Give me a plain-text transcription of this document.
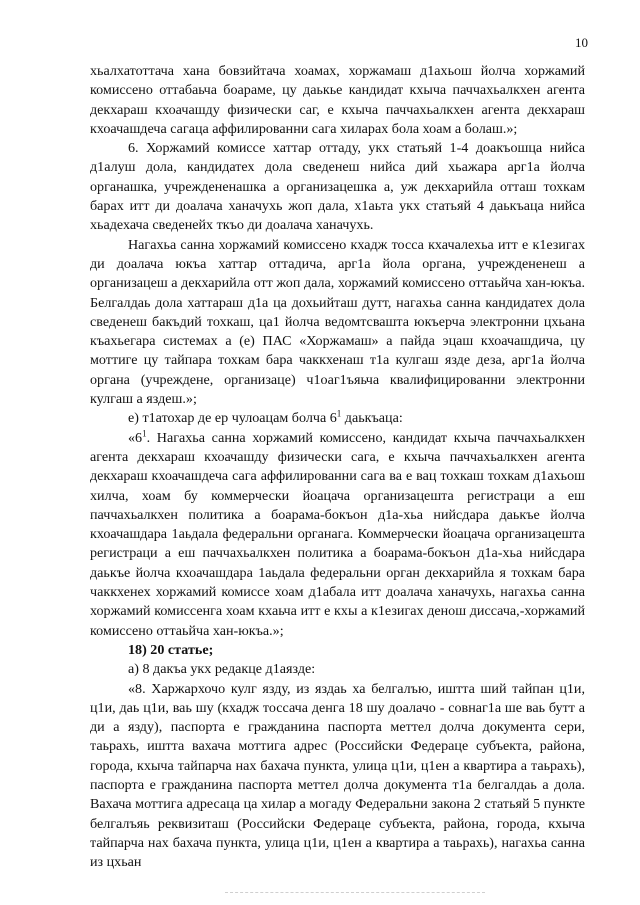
10

хьалхатоттача хана бовзийтача хоамах, хоржамаш д1ахьош йолча хоржамий комиссено оттабаьча боараме, цу даькье кандидат кхыча паччахьалкхен агента декхараш кхоачашду физически саг, е кхыча паччахьалкхен агента декхараш кхоачашдеча сагаца аффилированни сага хиларах бола хоам а болаш.»;

6. Хоржамий комиссе хаттар оттаду, укх статьяй 1-4 доакъошца нийса д1алуш дола, кандидатех дола сведенеш нийса дий хьажара арг1а йолча органашка, учреждененашка а организацешка а, уж декхарийла отташ тохкам барах итт ди доалача ханачухь жоп дала, х1аьта укх статьяй 4 даькъаца нийса хьадехача сведенейх ткъо ди доалача ханачухь.

Нагахьа санна хоржамий комиссено кхадж тосса кхачалехьа итт е к1езигах ди доалача юкъа хаттар оттадича, арг1а йола органа, учреждененеш а организацеш а декхарийла отт жоп дала, хоржамий комиссено оттаьйча хан-юкъа. Белгалдаь дола хаттараш д1а ца дохьийташ дутт, нагахьа санна кандидатех дола сведенеш бакъдий тохкаш, ца1 йолча ведомтсвашта юкъерча электронни цхьана къахьегара системах а (е) ПАС «Хоржамаш» а пайда эцаш кхоачашдича, цу моттиге цу тайпара тохкам бара чаккхенаш т1а кулгаш язде деза, арг1а йолча органа (учреждене, организаце) ч1оаг1ъяьча квалифицированни электронни кулгаш а яздеш.»;

е) т1атохар де ер чулоацам болча $6^1$ даькъаца:

«$6^1$. Нагахьа санна хоржамий комиссено, кандидат кхыча паччахьалкхен агента декхараш кхоачашду физически сага, е кхыча паччахьалкхен агента декхараш кхоачашдеча сага аффилированни сага ва е вац тохкаш тохкам д1ахьош хилча, хоам бу коммерчески йоацача организацешта регистраци а еш паччахьалкхен политика а боарама-бокъон д1а-хьа нийсдара даькъе йолча кхоачашдара 1аьдала федеральни органага. Коммерчески йоацача организацешта регистраци а еш паччахьалкхен политика а боарама-бокъон д1а-хьа нийсдара даькъе йолча кхоачашдара 1аьдала федеральни орган декхарийла я тохкам бара чаккхенех хоржамий комиссе хоам д1абала итт доалача ханачухь, нагахьа санна хоржамий комиссенга хоам кхаьча итт е кхы а к1езигах денош диссача,-хоржамий комиссено оттаьйча хан-юкъа.»;

18) 20 статье;

а) 8 дакъа укх редакце д1аязде:

«8. Харжархочо кулг язду, из яздаь ха белгалъю, иштта ший тайпан ц1и, ц1и, даь ц1и, ваь шу (кхадж тоссача денга 18 шу доалачо - совнаг1а ше ваь бутт а ди а язду), паспорта е гражданина паспорта меттел долча документа сери, таьрахь, иштта вахача моттига адрес (Российски Федераце субъекта, района, города, кхыча тайпарча нах бахача пункта, улица ц1и, ц1ен а квартира а таьрахь), паспорта е гражданина паспорта меттел долча документа т1а белгалдаь а дола. Вахача моттига адресаца ца хилар а могаду Федеральни закона 2 статьяй 5 пункте белгалъяь реквизиташ (Российски Федераце субъекта, района, города, кхыча тайпарча нах бахача пункта, улица ц1и, ц1ен а квартира а таьрахь), нагахьа санна из цхьан
